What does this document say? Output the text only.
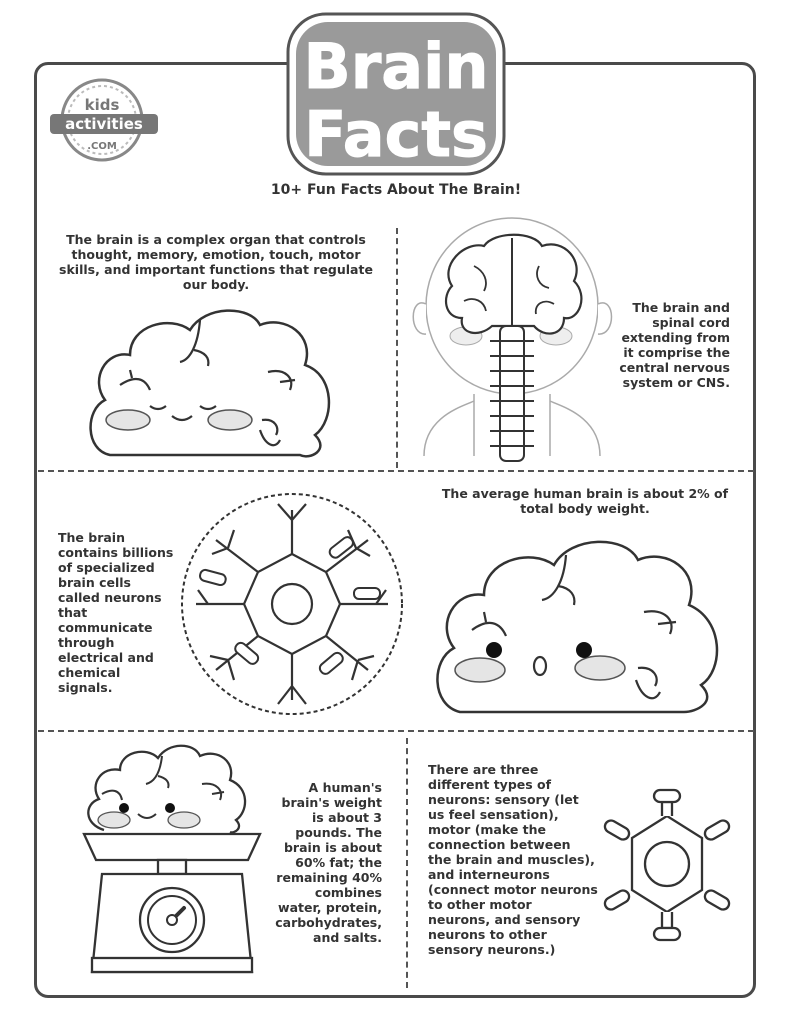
Brain
Facts
kids
activities
.COM
10+ Fun Facts About The Brain!
The brain is a complex organ that controls thought, memory, emotion, touch, motor skills, and important functions that regulate our body.
The brain and spinal cord extending from it comprise the central nervous system or CNS.
The brain contains billions of specialized brain cells called neurons that communicate through electrical and chemical signals.
The average human brain is about 2% of total body weight.
A human's brain's weight is about 3 pounds. The brain is about 60% fat; the remaining 40% combines water, protein, carbohydrates, and salts.
There are three different types of neurons: sensory (let us feel sensation), motor (make the connection between the brain and muscles), and interneurons (connect motor neurons to other motor neurons, and sensory neurons to other sensory neurons.)
